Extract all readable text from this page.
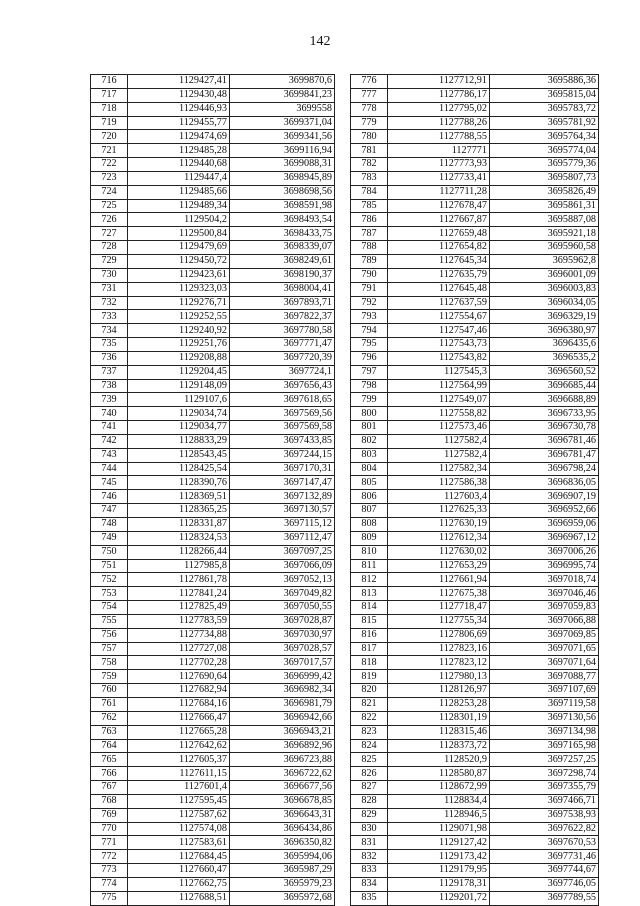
142
716	1129427,41	3699870,6
717	1129430,48	3699841,23
718	1129446,93	3699558
719	1129455,77	3699371,04
720	1129474,69	3699341,56
721	1129485,28	3699116,94
722	1129440,68	3699088,31
723	1129447,4	3698945,89
724	1129485,66	3698698,56
725	1129489,34	3698591,98
726	1129504,2	3698493,54
727	1129500,84	3698433,75
728	1129479,69	3698339,07
729	1129450,72	3698249,61
730	1129423,61	3698190,37
731	1129323,03	3698004,41
732	1129276,71	3697893,71
733	1129252,55	3697822,37
734	1129240,92	3697780,58
735	1129251,76	3697771,47
736	1129208,88	3697720,39
737	1129204,45	3697724,1
738	1129148,09	3697656,43
739	1129107,6	3697618,65
740	1129034,74	3697569,56
741	1129034,77	3697569,58
742	1128833,29	3697433,85
743	1128543,45	3697244,15
744	1128425,54	3697170,31
745	1128390,76	3697147,47
746	1128369,51	3697132,89
747	1128365,25	3697130,57
748	1128331,87	3697115,12
749	1128324,53	3697112,47
750	1128266,44	3697097,25
751	1127985,8	3697066,09
752	1127861,78	3697052,13
753	1127841,24	3697049,82
754	1127825,49	3697050,55
755	1127783,59	3697028,87
756	1127734,88	3697030,97
757	1127727,08	3697028,57
758	1127702,28	3697017,57
759	1127690,64	3696999,42
760	1127682,94	3696982,34
761	1127684,16	3696981,79
762	1127666,47	3696942,66
763	1127665,28	3696943,21
764	1127642,62	3696892,96
765	1127605,37	3696723,88
766	1127611,15	3696722,62
767	1127601,4	3696677,56
768	1127595,45	3696678,85
769	1127587,62	3696643,31
770	1127574,08	3696434,86
771	1127583,61	3696350,82
772	1127684,45	3695994,06
773	1127660,47	3695987,29
774	1127662,75	3695979,23
775	1127688,51	3695972,68
776	1127712,91	3695886,36
777	1127786,17	3695815,04
778	1127795,02	3695783,72
779	1127788,26	3695781,92
780	1127788,55	3695764,34
781	1127771	3695774,04
782	1127773,93	3695779,36
783	1127733,41	3695807,73
784	1127711,28	3695826,49
785	1127678,47	3695861,31
786	1127667,87	3695887,08
787	1127659,48	3695921,18
788	1127654,82	3695960,58
789	1127645,34	3695962,8
790	1127635,79	3696001,09
791	1127645,48	3696003,83
792	1127637,59	3696034,05
793	1127554,67	3696329,19
794	1127547,46	3696380,97
795	1127543,73	3696435,6
796	1127543,82	3696535,2
797	1127545,3	3696560,52
798	1127564,99	3696685,44
799	1127549,07	3696688,89
800	1127558,82	3696733,95
801	1127573,46	3696730,78
802	1127582,4	3696781,46
803	1127582,4	3696781,47
804	1127582,34	3696798,24
805	1127586,38	3696836,05
806	1127603,4	3696907,19
807	1127625,33	3696952,66
808	1127630,19	3696959,06
809	1127612,34	3696967,12
810	1127630,02	3697006,26
811	1127653,29	3696995,74
812	1127661,94	3697018,74
813	1127675,38	3697046,46
814	1127718,47	3697059,83
815	1127755,34	3697066,88
816	1127806,69	3697069,85
817	1127823,16	3697071,65
818	1127823,12	3697071,64
819	1127980,13	3697088,77
820	1128126,97	3697107,69
821	1128253,28	3697119,58
822	1128301,19	3697130,56
823	1128315,46	3697134,98
824	1128373,72	3697165,98
825	1128520,9	3697257,25
826	1128580,87	3697298,74
827	1128672,99	3697355,79
828	1128834,4	3697466,71
829	1128946,5	3697538,93
830	1129071,98	3697622,82
831	1129127,42	3697670,53
832	1129173,42	3697731,46
833	1129179,95	3697744,67
834	1129178,31	3697746,05
835	1129201,72	3697789,55
